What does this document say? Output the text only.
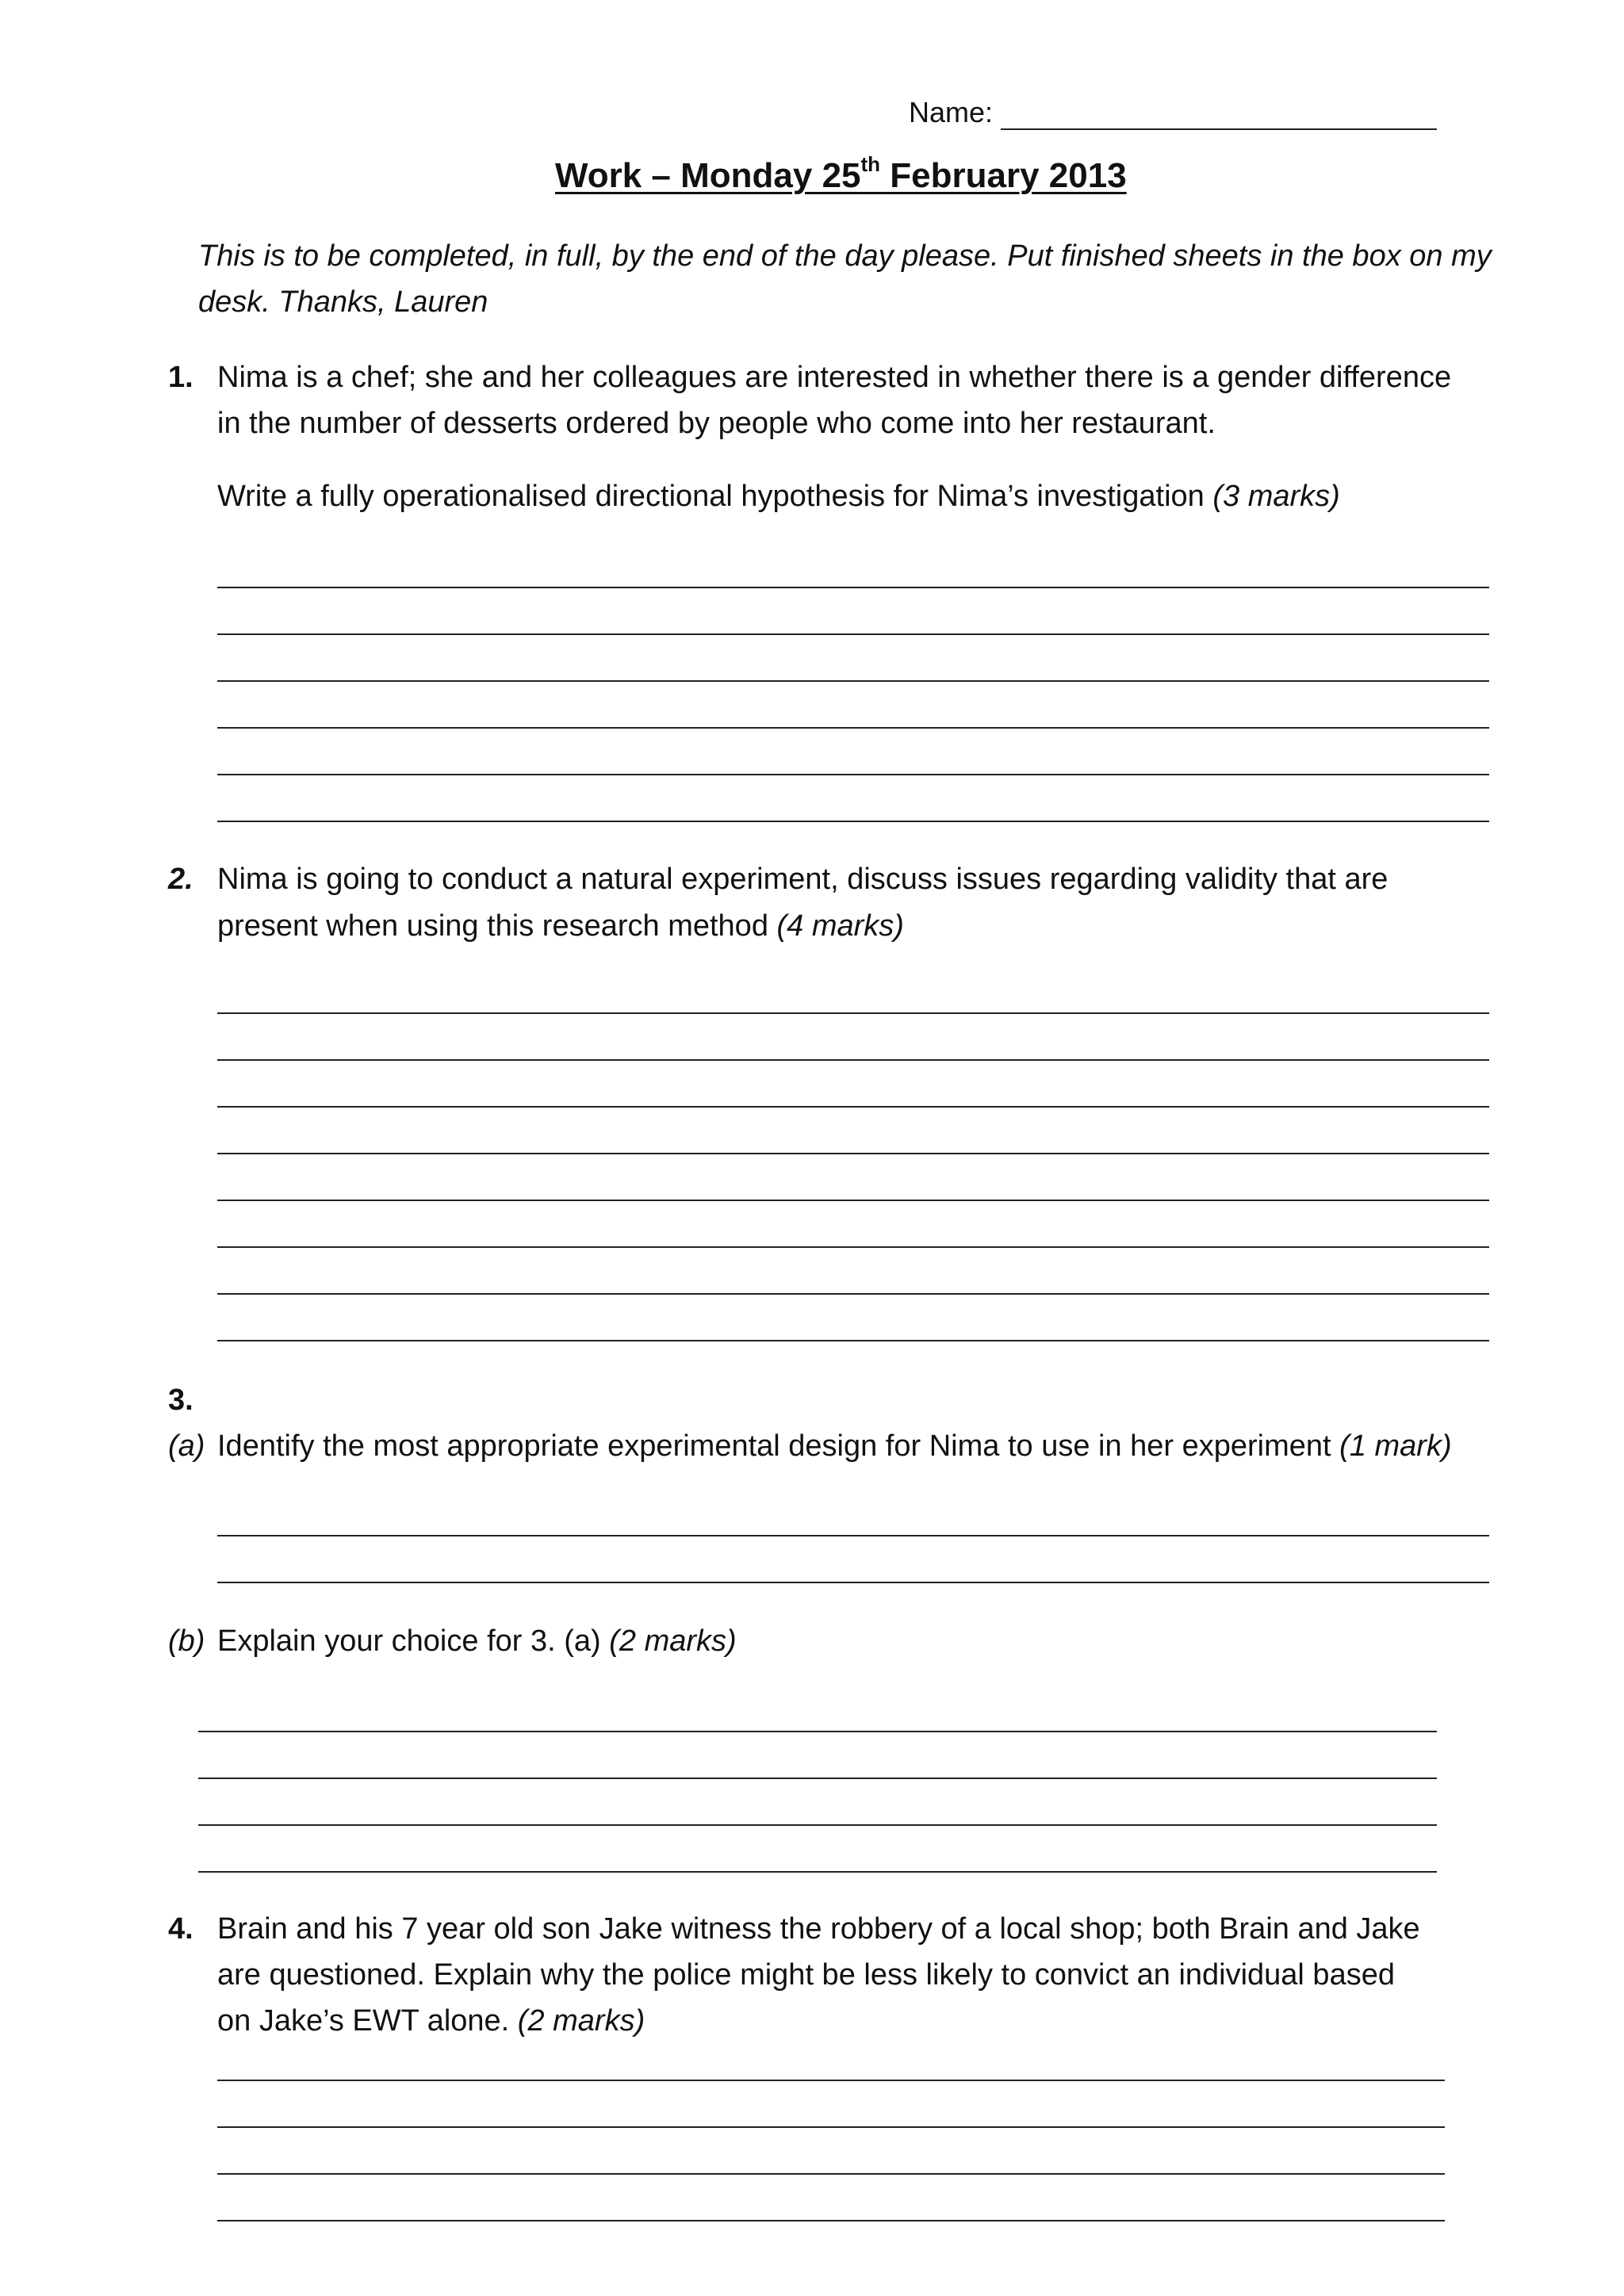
Name:
Work – Monday 25th February 2013
This is to be completed, in full, by the end of the day please. Put finished sheets in the box on my
desk. Thanks, Lauren
1. Nima is a chef; she and her colleagues are interested in whether there is a gender difference
in the number of desserts ordered by people who come into her restaurant.
Write a fully operationalised directional hypothesis for Nima’s investigation (3 marks)
2. Nima is going to conduct a natural experiment, discuss issues regarding validity that are
present when using this research method (4 marks)
3.
(a) Identify the most appropriate experimental design for Nima to use in her experiment (1 mark)
(b) Explain your choice for 3. (a) (2 marks)
4. Brain and his 7 year old son Jake witness the robbery of a local shop; both Brain and Jake
are questioned. Explain why the police might be less likely to convict an individual based
on Jake’s EWT alone. (2 marks)
